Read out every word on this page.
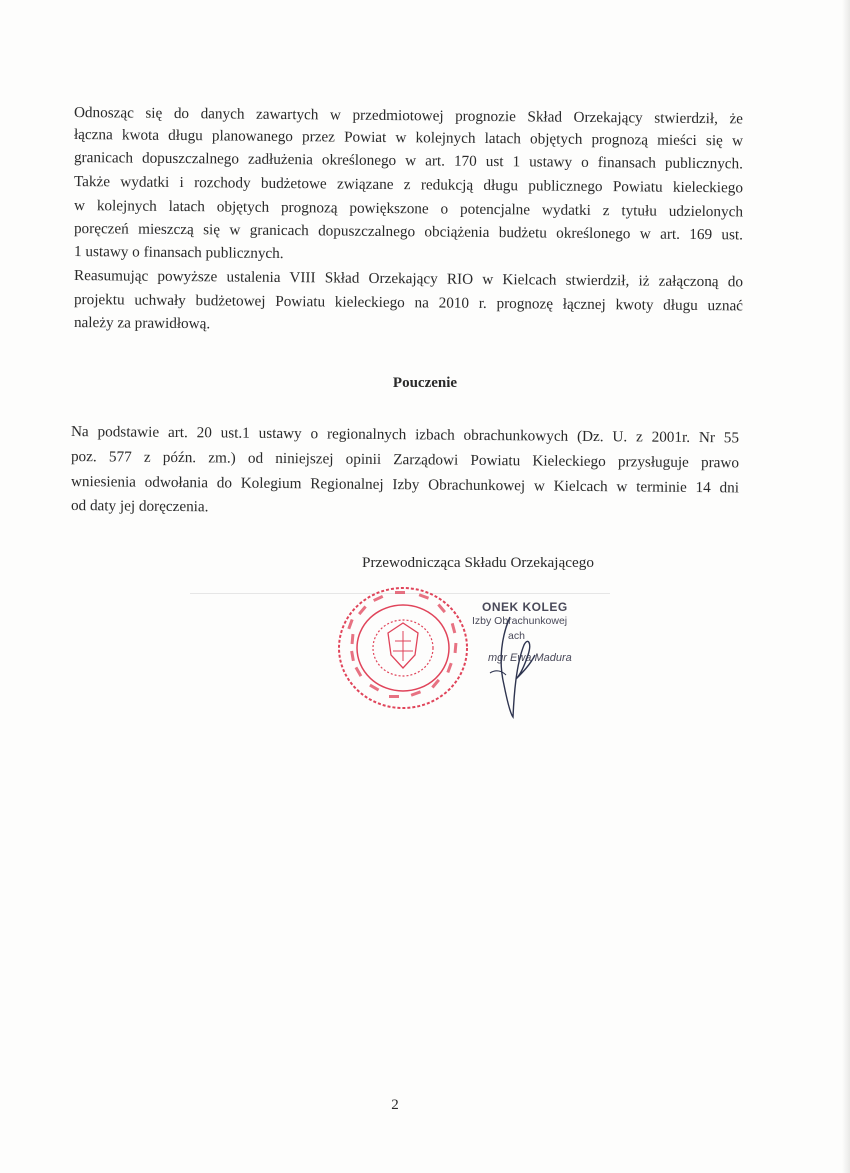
Odnosząc się do danych zawartych w przedmiotowej prognozie Skład Orzekający stwierdził, że
łączna kwota długu planowanego przez Powiat w kolejnych latach objętych prognozą mieści się w
granicach dopuszczalnego zadłużenia określonego w art. 170 ust 1 ustawy o finansach publicznych.
Także wydatki i rozchody budżetowe związane z redukcją długu publicznego Powiatu kieleckiego
w kolejnych latach objętych prognozą powiększone o potencjalne wydatki z tytułu udzielonych
poręczeń mieszczą się w granicach dopuszczalnego obciążenia budżetu określonego w art. 169 ust.
1 ustawy o finansach publicznych.
Reasumując powyższe ustalenia VIII Skład Orzekający RIO w Kielcach stwierdził, iż załączoną do
projektu uchwały budżetowej Powiatu kieleckiego na 2010 r. prognozę łącznej kwoty długu uznać
należy za prawidłową.
Pouczenie
Na podstawie art. 20 ust.1 ustawy o regionalnych izbach obrachunkowych (Dz. U. z 2001r. Nr 55
poz. 577 z późn. zm.) od niniejszej opinii Zarządowi Powiatu Kieleckiego przysługuje prawo
wniesienia odwołania do Kolegium Regionalnej Izby Obrachunkowej w Kielcach w terminie 14 dni
od daty jej doręczenia.
Przewodnicząca Składu Orzekającego
ONEK KOLEG
Izby Obrachunkowej
ach
mgr Ewa Madura
2
